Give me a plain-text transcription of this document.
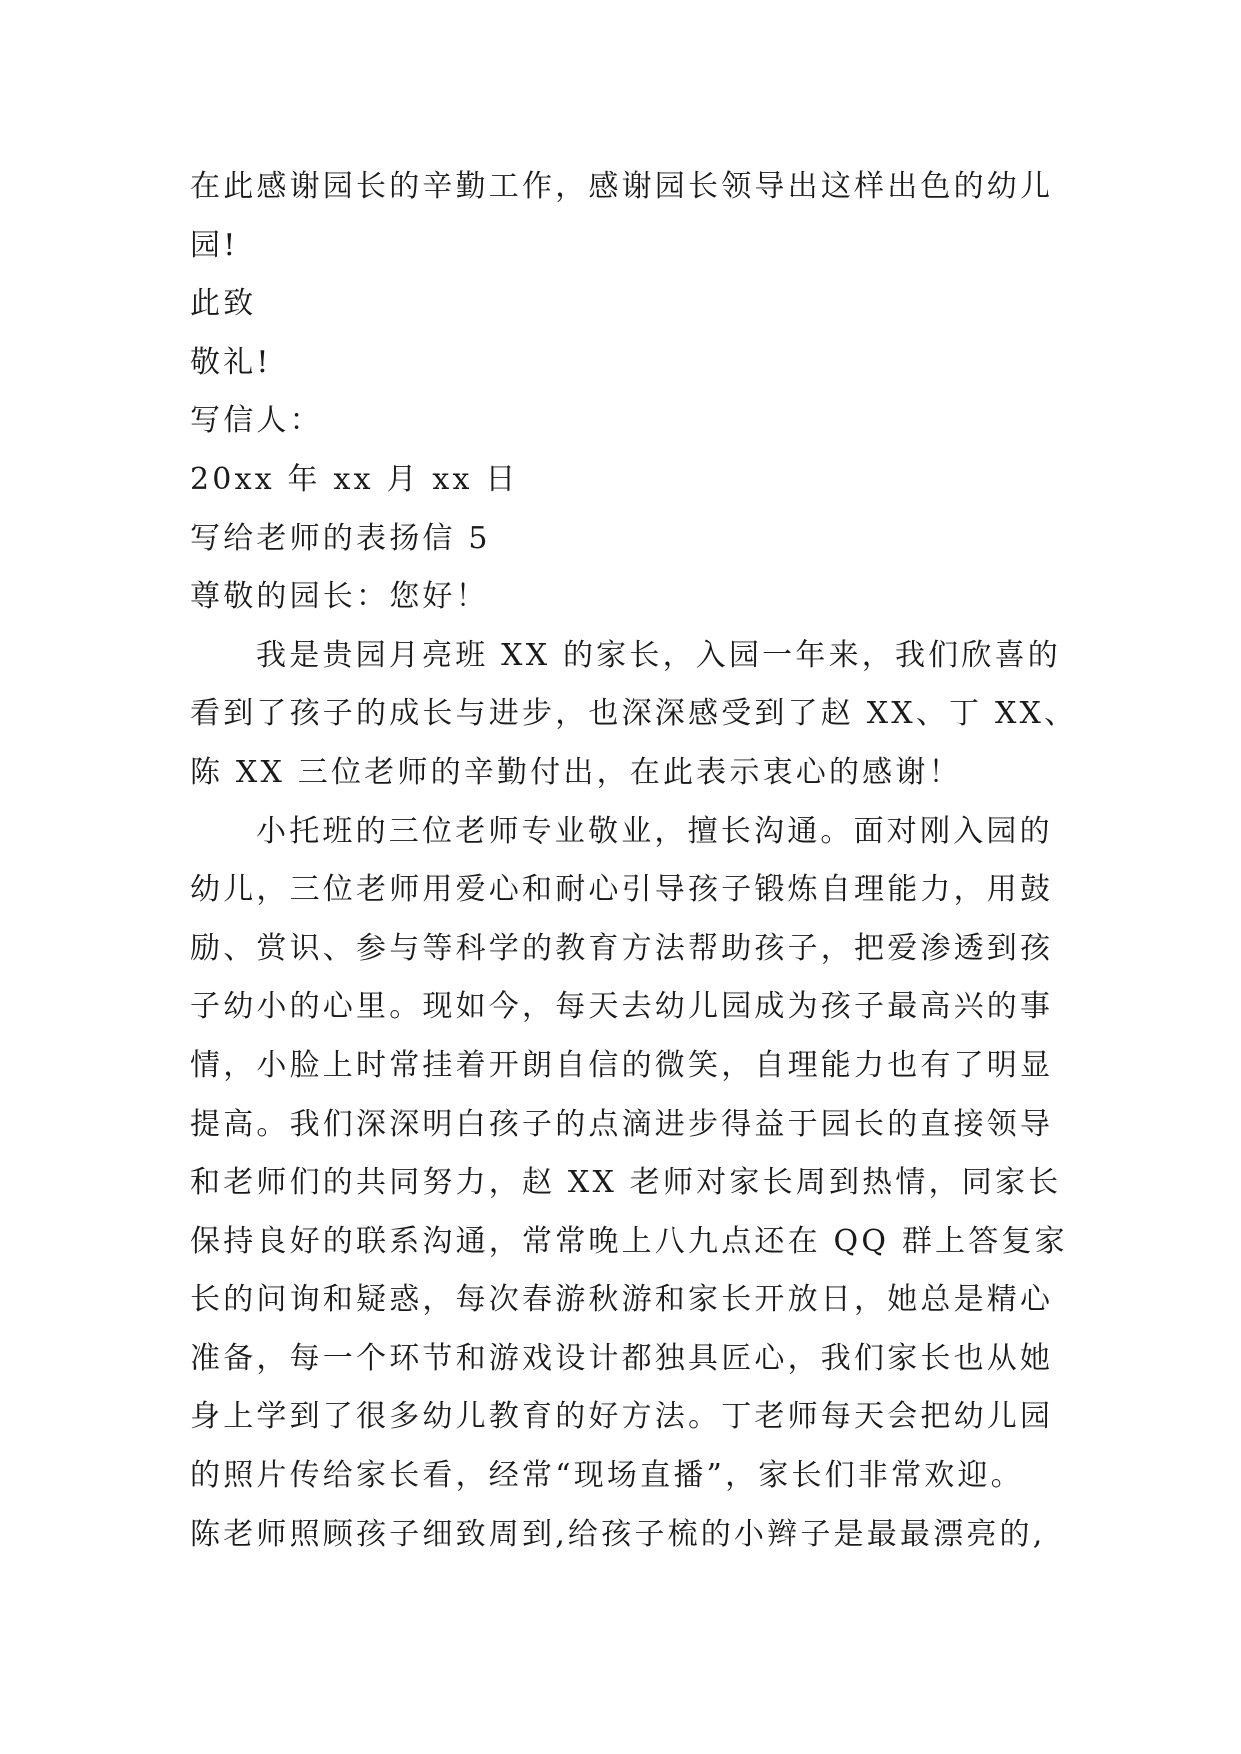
在此感谢园长的辛勤工作，感谢园长领导出这样出色的幼儿
园!
此致
敬礼!
写信人：
20xx 年 xx 月 xx 日
写给老师的表扬信 5
尊敬的园长：您好！
我是贵园月亮班 XX 的家长，入园一年来，我们欣喜的
看到了孩子的成长与进步，也深深感受到了赵 XX、丁 XX、
陈 XX 三位老师的辛勤付出，在此表示衷心的感谢！
小托班的三位老师专业敬业，擅长沟通。面对刚入园的
幼儿，三位老师用爱心和耐心引导孩子锻炼自理能力，用鼓
励、赏识、参与等科学的教育方法帮助孩子，把爱渗透到孩
子幼小的心里。现如今，每天去幼儿园成为孩子最高兴的事
情，小脸上时常挂着开朗自信的微笑，自理能力也有了明显
提高。我们深深明白孩子的点滴进步得益于园长的直接领导
和老师们的共同努力，赵 XX 老师对家长周到热情，同家长
保持良好的联系沟通，常常晚上八九点还在 QQ 群上答复家
长的问询和疑惑，每次春游秋游和家长开放日，她总是精心
准备，每一个环节和游戏设计都独具匠心，我们家长也从她
身上学到了很多幼儿教育的好方法。丁老师每天会把幼儿园
的照片传给家长看，经常“现场直播”，家长们非常欢迎。
陈老师照顾孩子细致周到,给孩子梳的小辫子是最最漂亮的,
